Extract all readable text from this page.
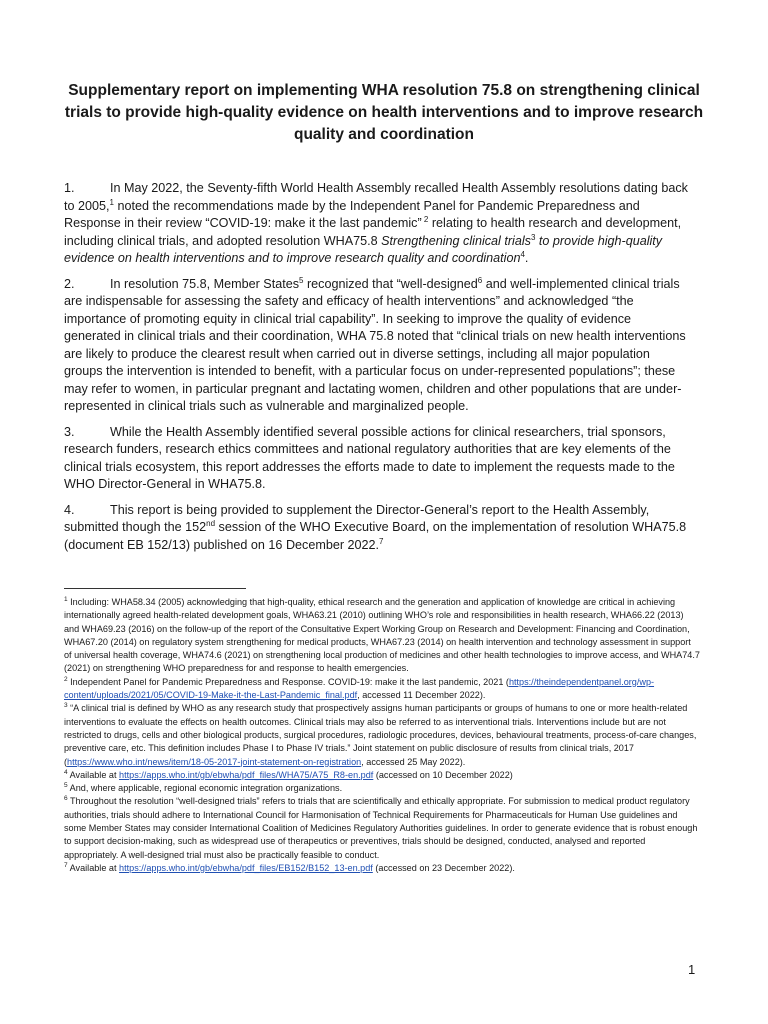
Supplementary report on implementing WHA resolution 75.8 on strengthening clinical trials to provide high-quality evidence on health interventions and to improve research quality and coordination

1.	In May 2022, the Seventy-fifth World Health Assembly recalled Health Assembly resolutions dating back to 2005,$^1$ noted the recommendations made by the Independent Panel for Pandemic Preparedness and Response in their review “COVID-19: make it the last pandemic” $^2$ relating to health research and development, including clinical trials, and adopted resolution WHA75.8 Strengthening clinical trials$^3$ to provide high-quality evidence on health interventions and to improve research quality and coordination$^4$.

2.	In resolution 75.8, Member States$^5$ recognized that “well-designed$^6$ and well-implemented clinical trials are indispensable for assessing the safety and efficacy of health interventions” and acknowledged “the importance of promoting equity in clinical trial capability”. In seeking to improve the quality of evidence generated in clinical trials and their coordination, WHA 75.8 noted that “clinical trials on new health interventions are likely to produce the clearest result when carried out in diverse settings, including all major population groups the intervention is intended to benefit, with a particular focus on under-represented populations”; these may refer to women, in particular pregnant and lactating women, children and other populations that are under-represented in clinical trials such as vulnerable and marginalized people.

3.	While the Health Assembly identified several possible actions for clinical researchers, trial sponsors, research funders, research ethics committees and national regulatory authorities that are key elements of the clinical trials ecosystem, this report addresses the efforts made to date to implement the requests made to the WHO Director-General in WHA75.8.

4.	This report is being provided to supplement the Director-General’s report to the Health Assembly, submitted though the 152nd session of the WHO Executive Board, on the implementation of resolution WHA75.8 (document EB 152/13) published on 16 December 2022.$^7$

$^1$ Including: WHA58.34 (2005) acknowledging that high-quality, ethical research and the generation and application of knowledge are critical in achieving internationally agreed health-related development goals, WHA63.21 (2010) outlining WHO’s role and responsibilities in health research, WHA66.22 (2013) and WHA69.23 (2016) on the follow-up of the report of the Consultative Expert Working Group on Research and Development: Financing and Coordination, WHA67.20 (2014) on regulatory system strengthening for medical products, WHA67.23 (2014) on health intervention and technology assessment in support of universal health coverage, WHA74.6 (2021) on strengthening local production of medicines and other health technologies to improve access, and WHA74.7 (2021) on strengthening WHO preparedness for and response to health emergencies.

$^2$ Independent Panel for Pandemic Preparedness and Response. COVID-19: make it the last pandemic, 2021 (https://theindependentpanel.org/wp-content/uploads/2021/05/COVID-19-Make-it-the-Last-Pandemic_final.pdf, accessed 11 December 2022).

$^3$ “A clinical trial is defined by WHO as any research study that prospectively assigns human participants or groups of humans to one or more health-related interventions to evaluate the effects on health outcomes. Clinical trials may also be referred to as interventional trials. Interventions include but are not restricted to drugs, cells and other biological products, surgical procedures, radiologic procedures, devices, behavioural treatments, process-of-care changes, preventive care, etc. This definition includes Phase I to Phase IV trials.” Joint statement on public disclosure of results from clinical trials, 2017 (https://www.who.int/news/item/18-05-2017-joint-statement-on-registration, accessed 25 May 2022).

$^4$ Available at https://apps.who.int/gb/ebwha/pdf_files/WHA75/A75_R8-en.pdf (accessed on 10 December 2022)

$^5$ And, where applicable, regional economic integration organizations.

$^6$ Throughout the resolution “well-designed trials” refers to trials that are scientifically and ethically appropriate. For submission to medical product regulatory authorities, trials should adhere to International Council for Harmonisation of Technical Requirements for Pharmaceuticals for Human Use guidelines and some Member States may consider International Coalition of Medicines Regulatory Authorities guidelines. In order to generate evidence that is robust enough to support decision-making, such as widespread use of therapeutics or preventives, trials should be designed, conducted, analysed and reported appropriately. A well-designed trial must also be practically feasible to conduct.

$^7$ Available at https://apps.who.int/gb/ebwha/pdf_files/EB152/B152_13-en.pdf (accessed on 23 December 2022).

1
